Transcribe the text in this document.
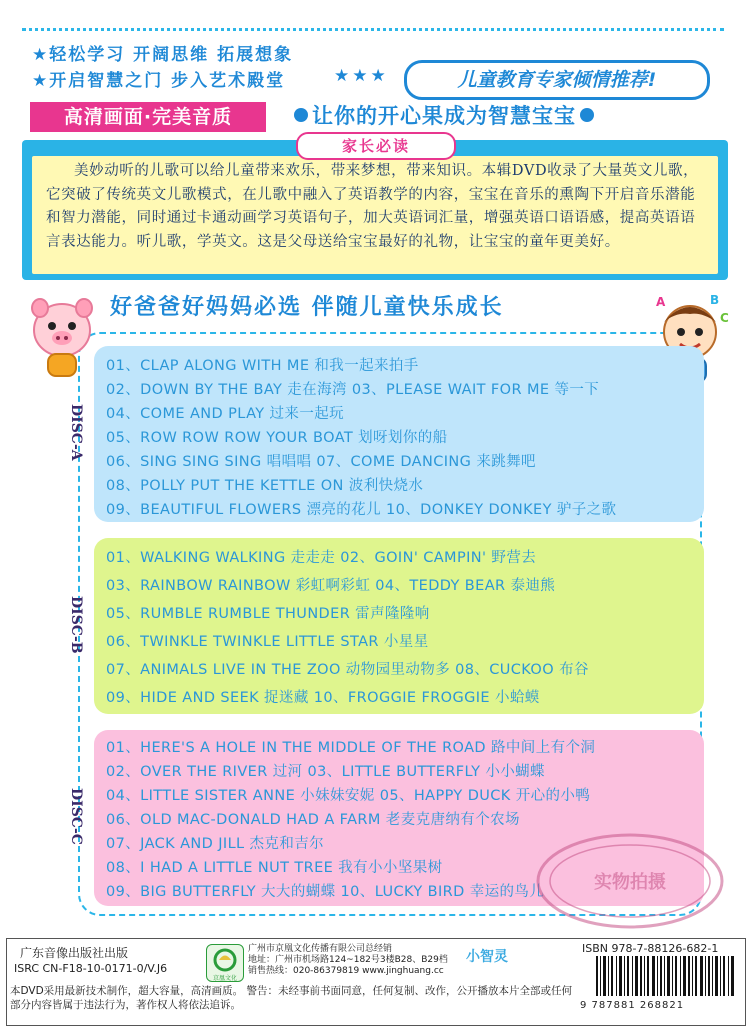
★轻松学习 开阔思维 拓展想象
★开启智慧之门 步入艺术殿堂	★★★	儿童教育专家倾情推荐!
高清画面·完美音质	让你的开心果成为智慧宝宝
家长必读
美妙动听的儿歌可以给儿童带来欢乐，带来梦想，带来知识。本辑DVD收录了大量英文儿歌，它突破了传统英文儿歌模式，在儿歌中融入了英语教学的内容，宝宝在音乐的熏陶下开启音乐潜能和智力潜能，同时通过卡通动画学习英语句子，加大英语词汇量，增强英语口语语感，提高英语语言表达能力。听儿歌，学英文。这是父母送给宝宝最好的礼物，让宝宝的童年更美好。
好爸爸好妈妈必选 伴随儿童快乐成长	A	B
C
DISC-A
01、CLAP ALONG WITH ME 和我一起来拍手
02、DOWN BY THE BAY 走在海湾 03、PLEASE WAIT FOR ME 等一下
04、COME AND PLAY 过来一起玩
05、ROW ROW ROW YOUR BOAT 划呀划你的船
06、SING SING SING 唱唱唱 07、COME DANCING 来跳舞吧
08、POLLY PUT THE KETTLE ON 波利快烧水
09、BEAUTIFUL FLOWERS 漂亮的花儿 10、DONKEY DONKEY 驴子之歌
DISC-B
01、WALKING WALKING 走走走 02、GOIN' CAMPIN' 野营去
03、RAINBOW RAINBOW 彩虹啊彩虹 04、TEDDY BEAR 泰迪熊
05、RUMBLE RUMBLE THUNDER 雷声隆隆响
06、TWINKLE TWINKLE LITTLE STAR 小星星
07、ANIMALS LIVE IN THE ZOO 动物园里动物多 08、CUCKOO 布谷
09、HIDE AND SEEK 捉迷藏 10、FROGGIE FROGGIE 小蛤蟆
DISC-C
01、HERE'S A HOLE IN THE MIDDLE OF THE ROAD 路中间上有个洞
02、OVER THE RIVER 过河 03、LITTLE BUTTERFLY 小小蝴蝶
04、LITTLE SISTER ANNE 小妹妹安妮 05、HAPPY DUCK 开心的小鸭
06、OLD MAC-DONALD HAD A FARM 老麦克唐纳有个农场
07、JACK AND JILL 杰克和吉尔
08、I HAD A LITTLE NUT TREE 我有小小坚果树
09、BIG BUTTERFLY 大大的蝴蝶 10、LUCKY BIRD 幸运的鸟儿	实物拍摄
广东音像出版社出版
ISRC CN-F18-10-0171-0/V.J6
京凰文化
广州市京凰文化传播有限公司总经销
地址：广州市机场路124~182号3楼B28、B29档
销售热线：020-86379819 www.jinghuang.cc
小智灵
ISBN 978-7-88126-682-1
9 787881 268821
本DVD采用最新技术制作，超大容量，高清画质。 警告：未经事前书面同意，任何复制、改作，公开播放本片全部或任何部分内容皆属于违法行为，著作权人将依法追诉。
